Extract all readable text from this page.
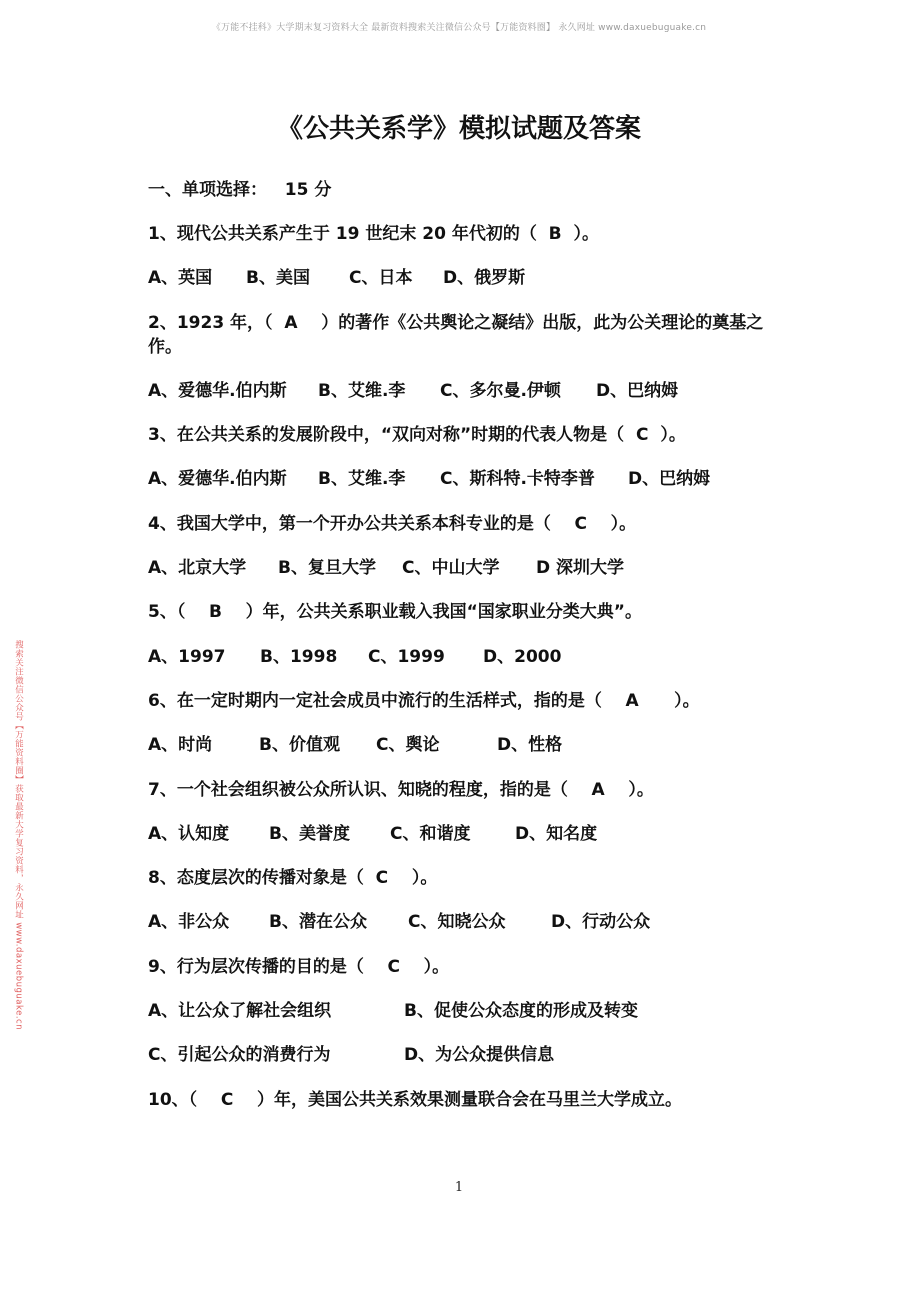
《万能不挂科》大学期末复习资料大全 最新资料搜索关注微信公众号【万能资料圈】 永久网址 www.daxuebuguake.cn
搜索关注微信公众号【万能资料圈】获取最新大学复习资料，永久网址 www.daxuebuguake.cn
《公共关系学》模拟试题及答案
一、单项选择：   15 分
1、现代公共关系产生于 19 世纪末 20 年代初的（  B  ）。
A、英国	B、美国	C、日本	D、俄罗斯
2、1923 年，（  A    ）的著作《公共舆论之凝结》出版，此为公关理论的奠基之作。
A、爱德华.伯内斯	B、艾维.李	C、多尔曼.伊顿	D、巴纳姆
3、在公共关系的发展阶段中，“双向对称”时期的代表人物是（  C  ）。
A、爱德华.伯内斯	B、艾维.李	C、斯科特.卡特李普	D、巴纳姆
4、我国大学中，第一个开办公共关系本科专业的是（    C    ）。
A、北京大学	B、复旦大学	C、中山大学	D 深圳大学
5、（    B    ）年，公共关系职业载入我国“国家职业分类大典”。
A、1997	B、1998	C、1999	D、2000
6、在一定时期内一定社会成员中流行的生活样式，指的是（    A      ）。
A、时尚	B、价值观	C、舆论	D、性格
7、一个社会组织被公众所认识、知晓的程度，指的是（    A    ）。
A、认知度	B、美誉度	C、和谐度	D、知名度
8、态度层次的传播对象是（  C    ）。
A、非公众	B、潜在公众	C、知晓公众	D、行动公众
9、行为层次传播的目的是（    C    ）。
A、让公众了解社会组织	B、促使公众态度的形成及转变
C、引起公众的消费行为	D、为公众提供信息
10、（    C    ）年，美国公共关系效果测量联合会在马里兰大学成立。
1
